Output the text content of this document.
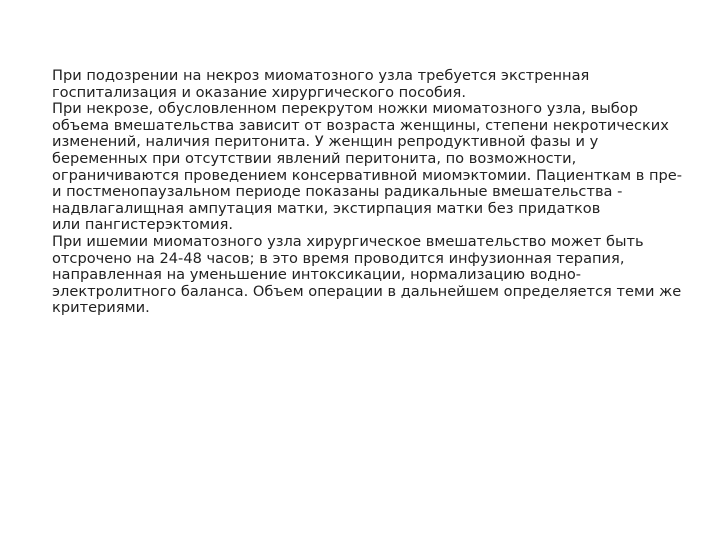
При подозрении на некроз миоматозного узла требуется экстренная
госпитализация и оказание хирургического пособия.
При некрозе, обусловленном перекрутом ножки миоматозного узла, выбор
объема вмешательства зависит от возраста женщины, степени некротических
изменений, наличия перитонита. У женщин репродуктивной фазы и у
беременных при отсутствии явлений перитонита, по возможности,
ограничиваются проведением консервативной миомэктомии. Пациенткам в пре-
и постменопаузальном периоде показаны радикальные вмешательства -
надвлагалищная ампутация матки, экстирпация матки без придатков
или пангистерэктомия.
При ишемии миоматозного узла хирургическое вмешательство может быть
отсрочено на 24-48 часов; в это время проводится инфузионная терапия,
направленная на уменьшение интоксикации, нормализацию водно-
электролитного баланса. Объем операции в дальнейшем определяется теми же
критериями.
